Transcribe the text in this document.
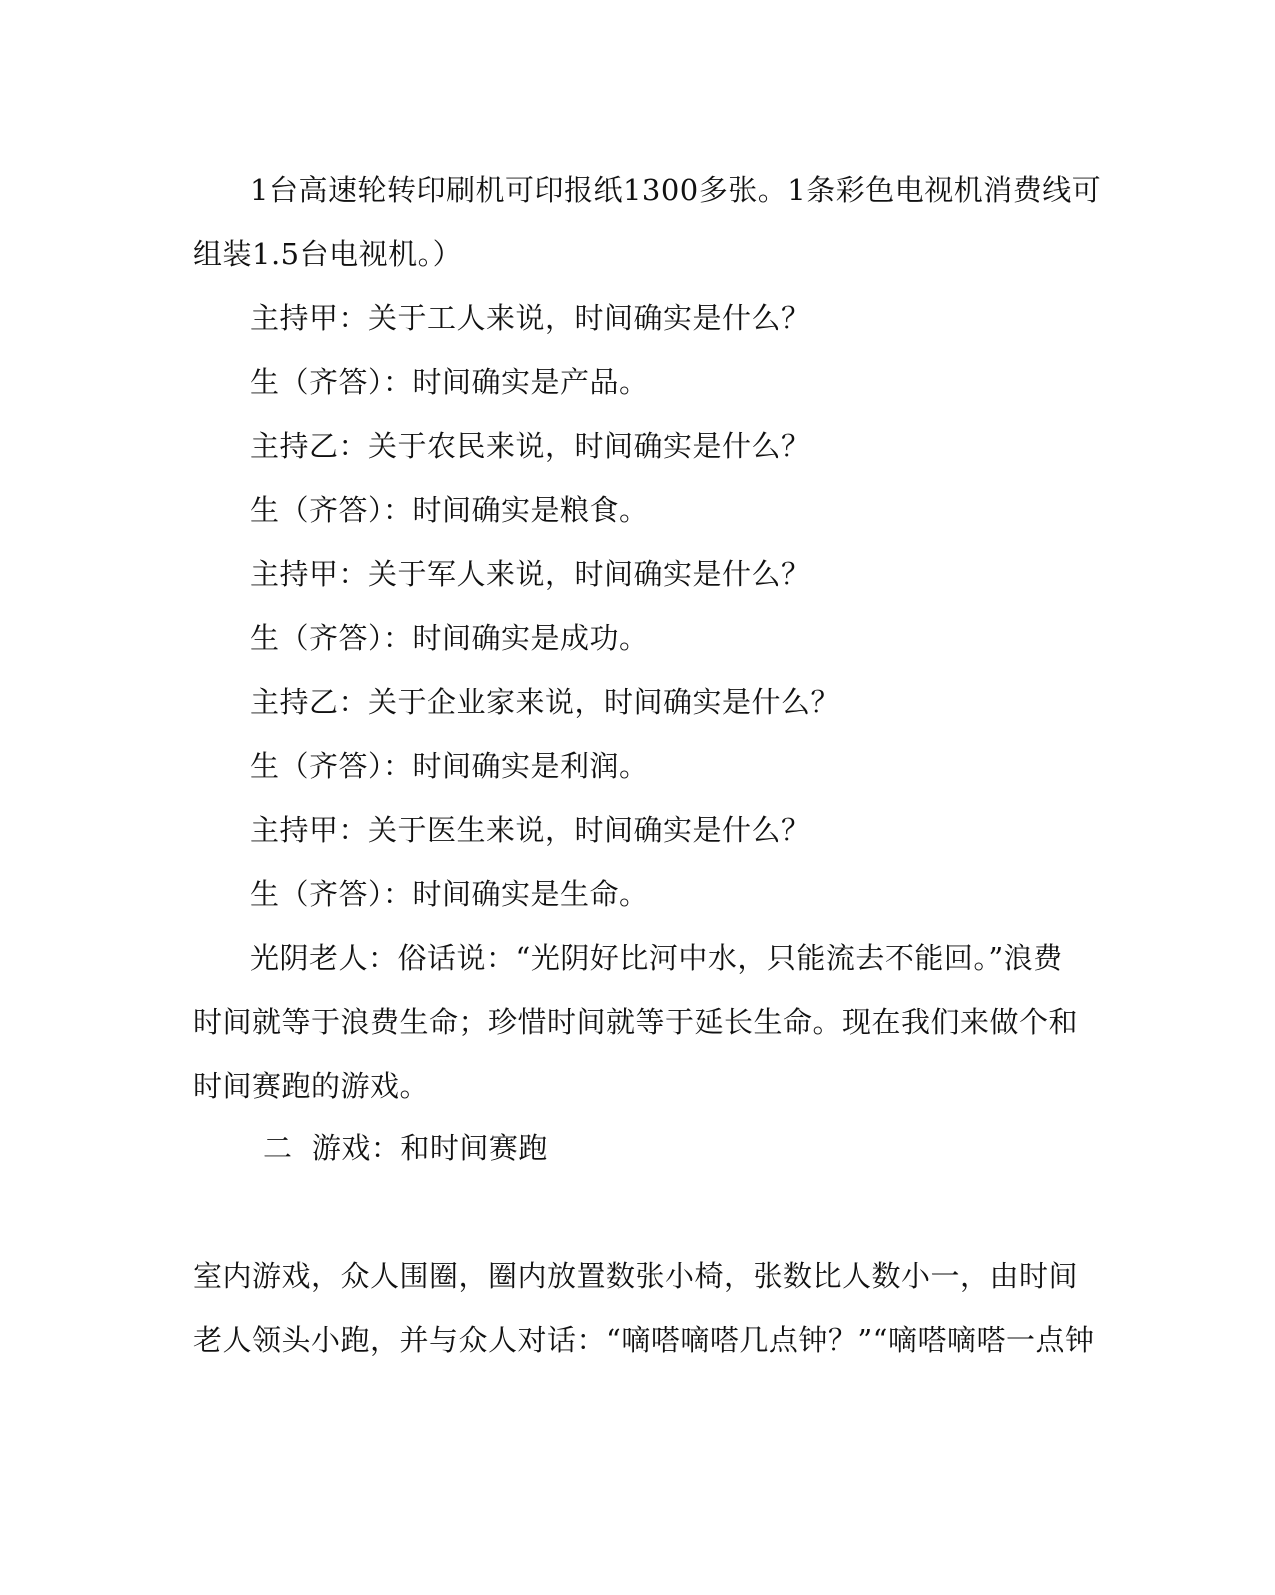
1台高速轮转印刷机可印报纸1300多张。1条彩色电视机消费线可
组装1.5台电视机。）
主持甲：关于工人来说，时间确实是什么？
生（齐答）：时间确实是产品。
主持乙：关于农民来说，时间确实是什么？
生（齐答）：时间确实是粮食。
主持甲：关于军人来说，时间确实是什么？
生（齐答）：时间确实是成功。
主持乙：关于企业家来说，时间确实是什么？
生（齐答）：时间确实是利润。
主持甲：关于医生来说，时间确实是什么？
生（齐答）：时间确实是生命。
光阴老人：俗话说：“光阴好比河中水，只能流去不能回。”浪费
时间就等于浪费生命；珍惜时间就等于延长生命。现在我们来做个和
时间赛跑的游戏。
二  游戏：和时间赛跑
室内游戏，众人围圈，圈内放置数张小椅，张数比人数小一，由时间
老人领头小跑，并与众人对话：“嘀嗒嘀嗒几点钟？”“嘀嗒嘀嗒一点钟
